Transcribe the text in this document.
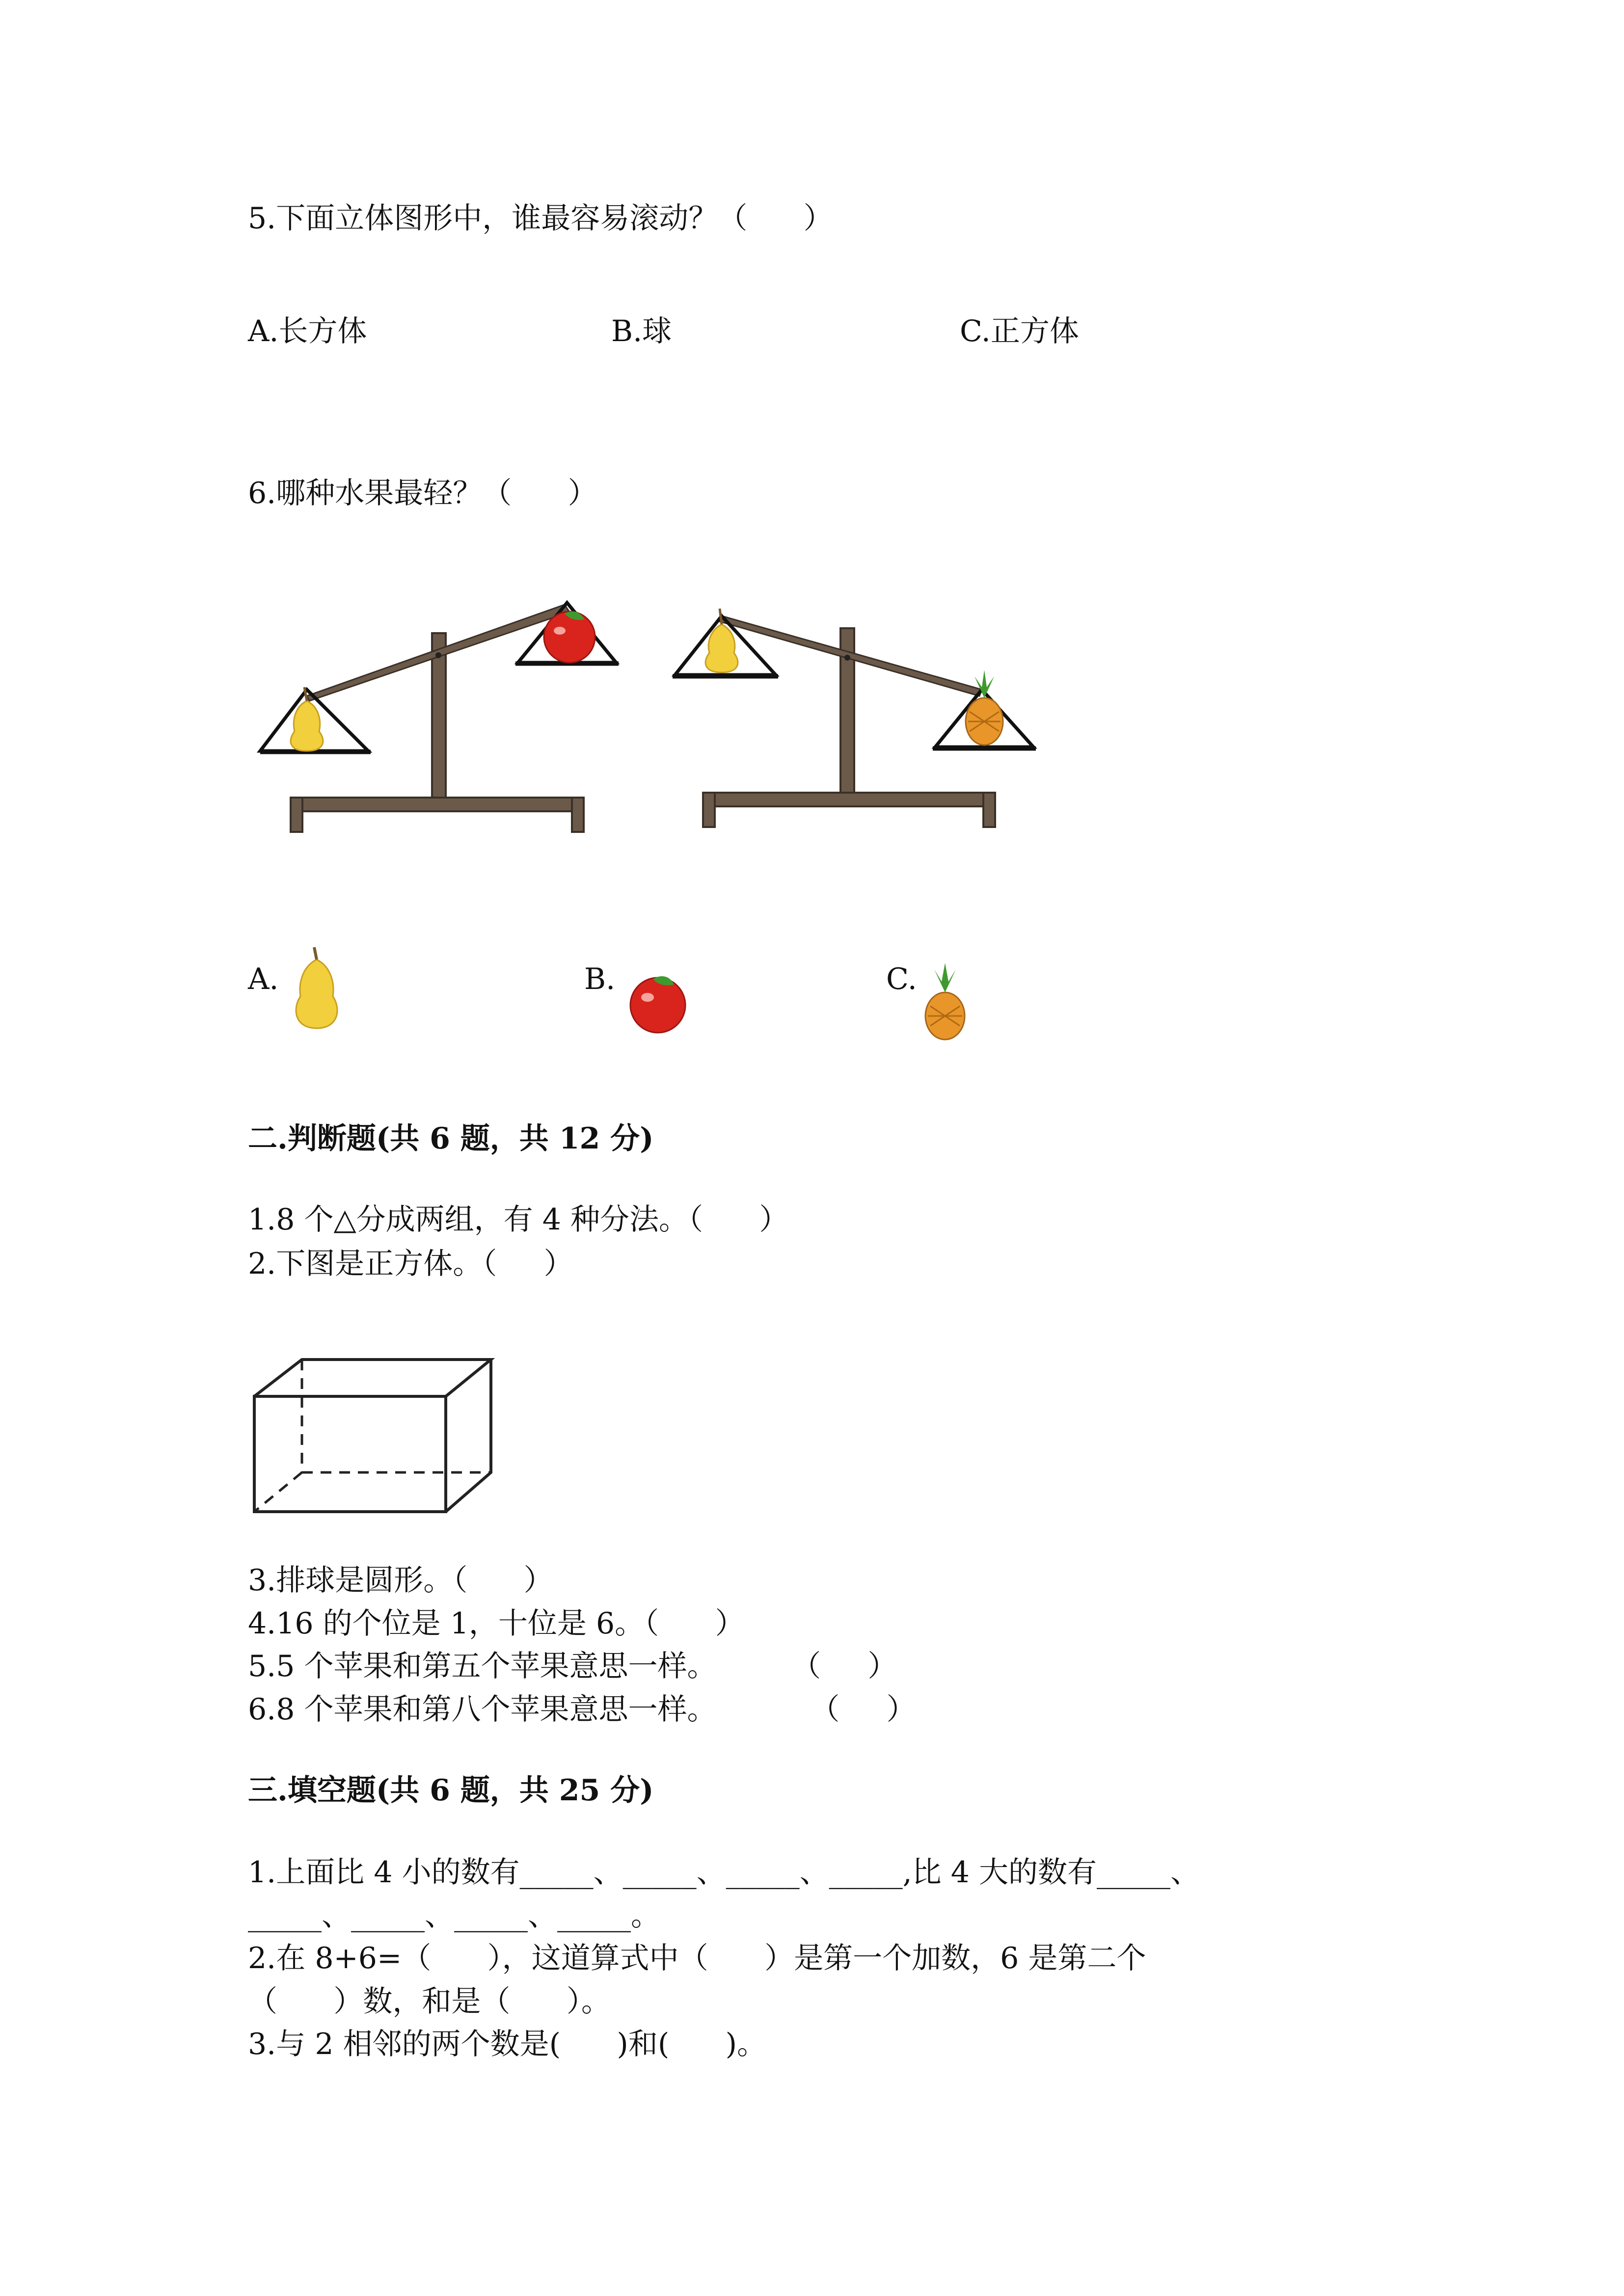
5.下面立体图形中，谁最容易滚动？（      ）
A.长方体	B.球	C.正方体
6.哪种水果最轻？（      ）
A.	B.	C.
二.判断题(共 6 题，共 12 分)
1.8 个△分成两组，有 4 种分法。（      ）
2.下图是正方体。（     ）
3.排球是圆形。（      ）
4.16 的个位是 1，十位是 6。（      ）
5.5 个苹果和第五个苹果意思一样。        （     ）
6.8 个苹果和第八个苹果意思一样。          （     ）
三.填空题(共 6 题，共 25 分)
1.上面比 4 小的数有_____、_____、_____、_____,比 4 大的数有_____、
_____、_____、_____、_____。
2.在 8+6=（      ），这道算式中（      ）是第一个加数，6 是第二个
（      ）数，和是（      ）。
3.与 2 相邻的两个数是(      )和(      )。
